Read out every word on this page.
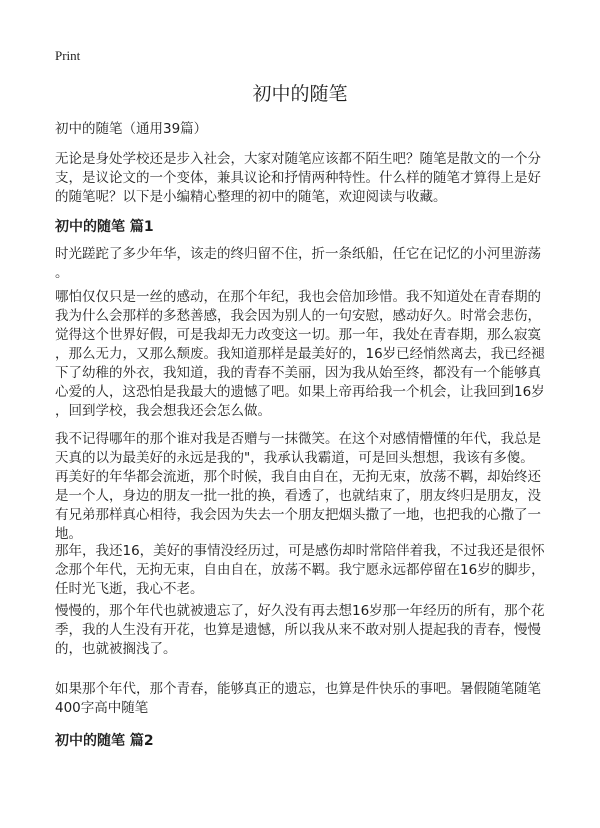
Print
初中的随笔
初中的随笔（通用39篇）
无论是身处学校还是步入社会，大家对随笔应该都不陌生吧？随笔是散文的一个分
支，是议论文的一个变体，兼具议论和抒情两种特性。什么样的随笔才算得上是好
的随笔呢？以下是小编精心整理的初中的随笔，欢迎阅读与收藏。
初中的随笔 篇1
时光蹉跎了多少年华，该走的终归留不住，折一条纸船，任它在记忆的小河里游荡
。
哪怕仅仅只是一丝的感动，在那个年纪，我也会倍加珍惜。我不知道处在青春期的
我为什么会那样的多愁善感，我会因为别人的一句安慰，感动好久。时常会悲伤，
觉得这个世界好假，可是我却无力改变这一切。那一年，我处在青春期，那么寂寞
，那么无力，又那么颓废。我知道那样是最美好的，16岁已经悄然离去，我已经褪
下了幼稚的外衣，我知道，我的青春不美丽，因为我从始至终，都没有一个能够真
心爱的人，这恐怕是我最大的遗憾了吧。如果上帝再给我一个机会，让我回到16岁
，回到学校，我会想我还会怎么做。
我不记得哪年的那个谁对我是否赠与一抹微笑。在这个对感情懵懂的年代，我总是
天真的以为最美好的永远是我的"，我承认我霸道，可是回头想想，我该有多傻。
再美好的年华都会流逝，那个时候，我自由自在，无拘无束，放荡不羁，却始终还
是一个人，身边的朋友一批一批的换，看透了，也就结束了，朋友终归是朋友，没
有兄弟那样真心相待，我会因为失去一个朋友把烟头撒了一地，也把我的心撒了一
地。
那年，我还16，美好的事情没经历过，可是感伤却时常陪伴着我，不过我还是很怀
念那个年代，无拘无束，自由自在，放荡不羁。我宁愿永远都停留在16岁的脚步，
任时光飞逝，我心不老。
慢慢的，那个年代也就被遗忘了，好久没有再去想16岁那一年经历的所有，那个花
季，我的人生没有开花，也算是遗憾，所以我从来不敢对别人提起我的青春，慢慢
的，也就被搁浅了。
如果那个年代，那个青春，能够真正的遗忘，也算是件快乐的事吧。暑假随笔随笔
400字高中随笔
初中的随笔 篇2
